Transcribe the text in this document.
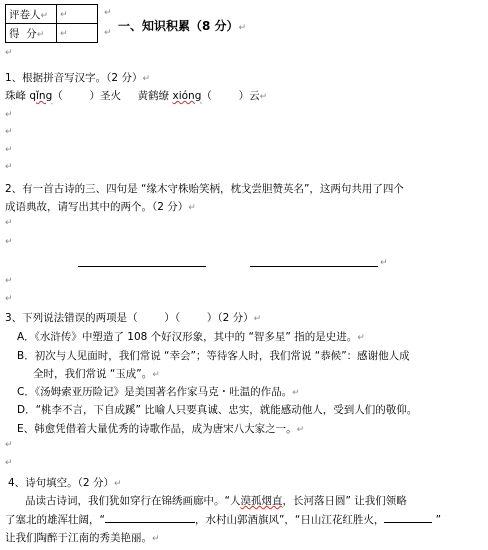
评卷人↵	↵
得  分↵	↵
↵
↵ 一、知识积累（8 分）↵
↵
1、根据拼音写汉字。（2 分）↵
珠峰 qǐng（        ）圣火     黄鹤缭 xióng（        ）云↵
↵
↵
↵
↵
2、有一首古诗的三、四句是 “缘木守株贻笑柄，枕戈尝胆赞英名”，这两句共用了四个
成语典故，请写出其中的两个。（2 分）↵
↵
↵
↵
↵
↵
3、下列说法错误的两项是（        ）（        ）（2 分）↵
A．《水浒传》中塑造了 108 个好汉形象，其中的 “智多星” 指的是史进。↵
B．初次与人见面时，我们常说 “幸会”；等待客人时，我们常说 “恭候”：感谢他人成
全时，我们常说 “玉成”。↵
C．《汤姆索亚历险记》是美国著名作家马克・吐温的作品。↵
D．“桃李不言，下自成蹊” 比喻人只要真诚、忠实，就能感动他人，受到人们的敬仰。
E、韩愈凭借着大量优秀的诗歌作品，成为唐宋八大家之一。↵
↵
↵
4、诗句填空。（2 分）↵
品读古诗词，我们犹如穿行在锦绣画廊中。“人漠孤烟直，长河落日圆” 让我们领略
了塞北的雄浑壮阔，“	，水村山郭酒旗风”，“日山江花红胜火，	”
让我们陶醉于江南的秀美艳丽。↵
